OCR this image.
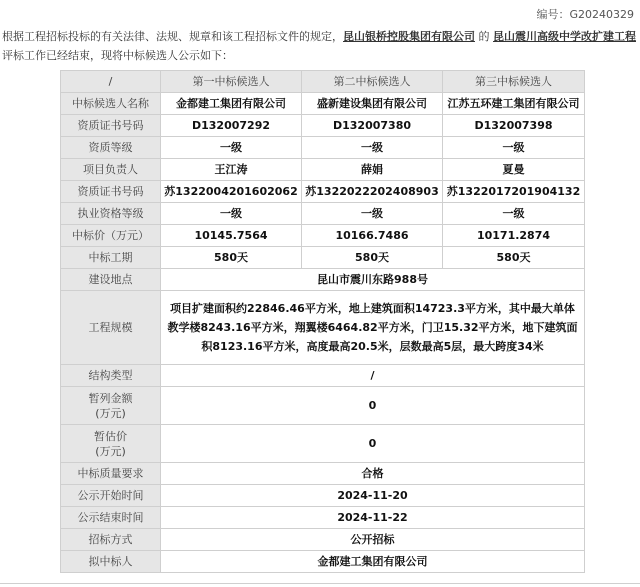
编号：G20240329
根据工程招标投标的有关法律、法规、规章和该工程招标文件的规定，昆山银桥控股集团有限公司 的 昆山震川高级中学改扩建工程评标工作已经结束，现将中标候选人公示如下：
/	第一中标候选人	第二中标候选人	第三中标候选人
中标候选人名称	金都建工集团有限公司	盛新建设集团有限公司	江苏五环建工集团有限公司
资质证书号码	D132007292	D132007380	D132007398
资质等级	一级	一级	一级
项目负责人	王江涛	薛娟	夏曼
资质证书号码	苏1322004201602062	苏1322022202408903	苏1322017201904132
执业资格等级	一级	一级	一级
中标价（万元）	10145.7564	10166.7486	10171.2874
中标工期	580天	580天	580天
建设地点	昆山市震川东路988号		
工程规模	项目扩建面积约22846.46平方米，地上建筑面积14723.3平方米，其中最大单体教学楼8243.16平方米，翔翼楼6464.82平方米，门卫15.32平方米，地下建筑面积8123.16平方米，高度最高20.5米，层数最高5层，最大跨度34米		
结构类型	/		
暂列金额
(万元)	0		
暂估价
(万元)	0		
中标质量要求	合格		
公示开始时间	2024-11-20		
公示结束时间	2024-11-22		
招标方式	公开招标		
拟中标人	金都建工集团有限公司		
